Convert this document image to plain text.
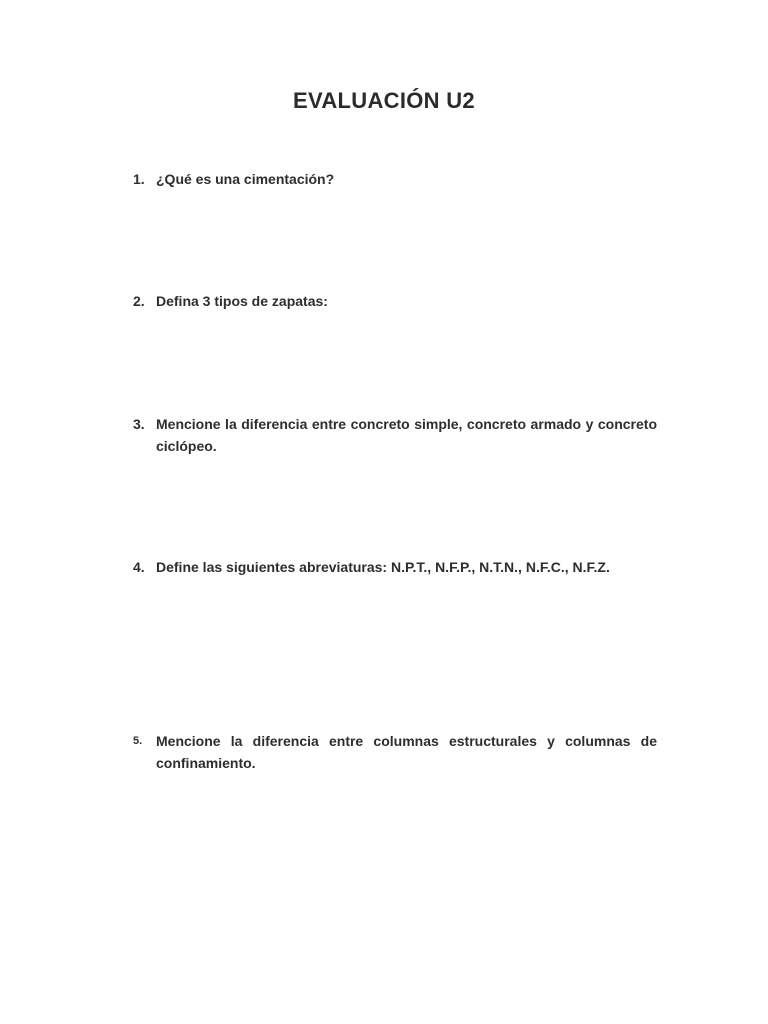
EVALUACIÓN U2
1. ¿Qué es una cimentación?
2. Defina 3 tipos de zapatas:
3. Mencione la diferencia entre concreto simple, concreto armado y concreto ciclópeo.
4. Define las siguientes abreviaturas: N.P.T., N.F.P., N.T.N., N.F.C., N.F.Z.
5. Mencione la diferencia entre columnas estructurales y columnas de confinamiento.
